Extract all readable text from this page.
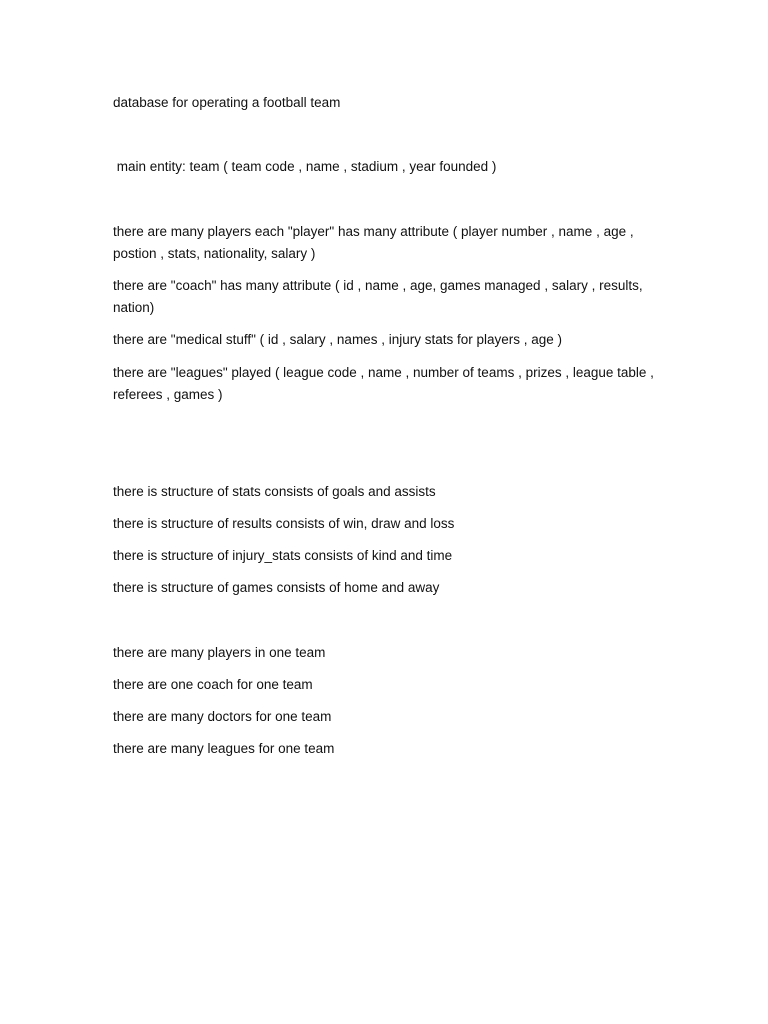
database for operating a football team
main entity: team ( team code , name , stadium , year founded )
there are many players each "player" has many attribute ( player number , name , age , postion , stats, nationality, salary )
there are "coach" has many attribute ( id , name , age, games managed , salary , results, nation)
there are "medical stuff" ( id , salary , names , injury stats for players , age )
there are "leagues" played ( league code , name , number of teams , prizes , league table , referees , games )
there is structure of stats consists of goals and assists
there is structure of results consists of win, draw and loss
there is structure of injury_stats consists of kind and time
there is structure of games consists of home and away
there are many players in one team
there are one coach for one team
there are many doctors for one team
there are many leagues for one team
